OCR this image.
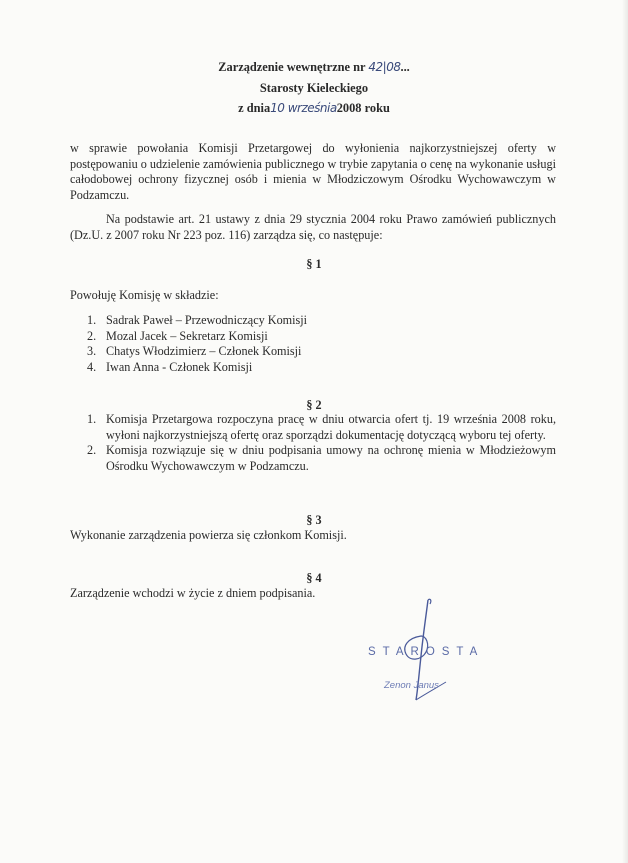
Zarządzenie wewnętrzne nr 42|08...
Starosty Kieleckiego
z dnia10 września2008 roku
w sprawie powołania Komisji Przetargowej do wyłonienia najkorzystniejszej oferty w postępowaniu o udzielenie zamówienia publicznego w trybie zapytania o cenę na wykonanie usługi całodobowej ochrony fizycznej osób i mienia w Młodziczowym Ośrodku Wychowawczym w Podzamczu.
Na podstawie art. 21 ustawy z dnia 29 stycznia 2004 roku Prawo zamówień publicznych (Dz.U. z 2007 roku Nr 223 poz. 116) zarządza się, co następuje:
§ 1
Powołuję Komisję w składzie:
1. Sadrak Paweł – Przewodniczący Komisji
2. Mozal Jacek – Sekretarz Komisji
3. Chatys Włodzimierz – Członek Komisji
4. Iwan Anna - Członek Komisji
§ 2
1. Komisja Przetargowa rozpoczyna pracę w dniu otwarcia ofert tj. 19 września 2008 roku, wyłoni najkorzystniejszą ofertę oraz sporządzi dokumentację dotyczącą wyboru tej oferty.
2. Komisja rozwiązuje się w dniu podpisania umowy na ochronę mienia w Młodzieżowym Ośrodku Wychowawczym w Podzamczu.
§ 3
Wykonanie zarządzenia powierza się członkom Komisji.
§ 4
Zarządzenie wchodzi w życie z dniem podpisania.
STAROSTA
Zenon Janus
